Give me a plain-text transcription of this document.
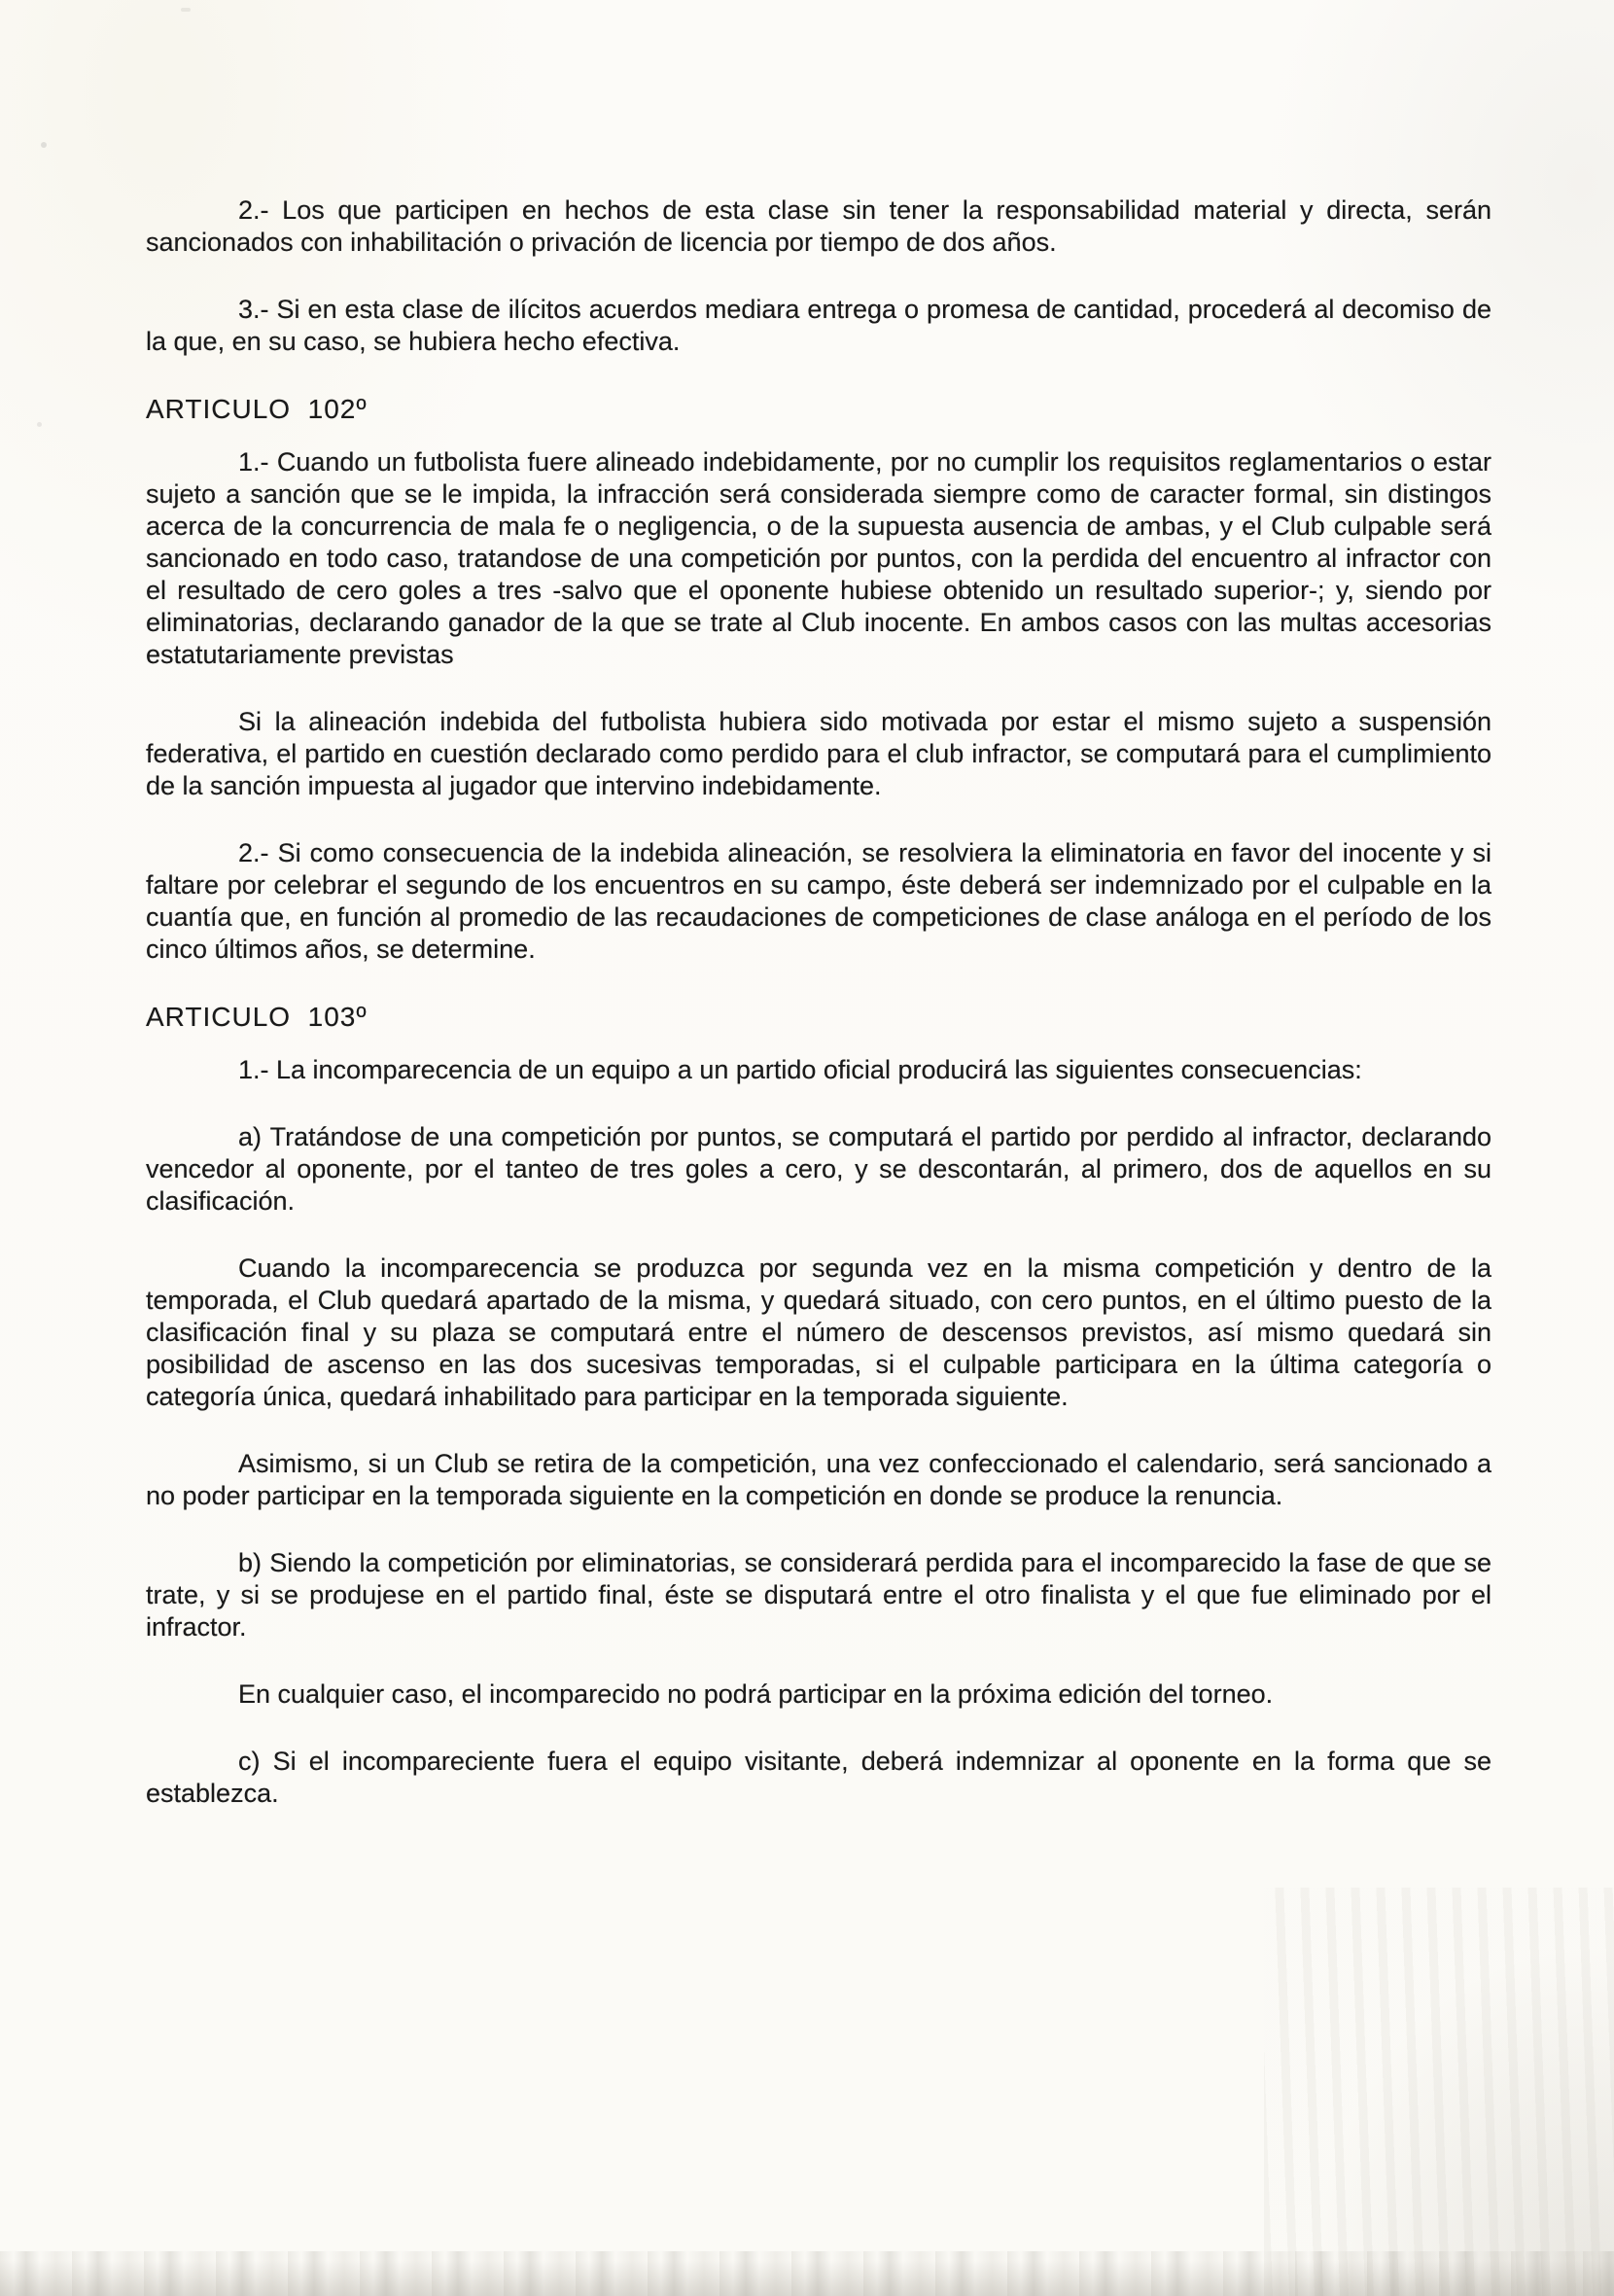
2.- Los que participen en hechos de esta clase sin tener la responsabilidad material y directa, serán sancionados con inhabilitación o privación de licencia por tiempo de dos años.

3.- Si en esta clase de ilícitos acuerdos mediara entrega o promesa de cantidad, procederá al decomiso de la que, en su caso, se hubiera hecho efectiva.

ARTICULO  102º

1.- Cuando un futbolista fuere alineado indebidamente, por no cumplir los requisitos reglamentarios o estar sujeto a sanción que se le impida, la infracción será considerada siempre como de caracter formal, sin distingos acerca de la concurrencia de mala fe o negligencia, o de la supuesta ausencia de ambas, y el Club culpable será sancionado en todo caso, tratandose de una competición por puntos, con la perdida del encuentro al infractor con el resultado de cero goles a tres -salvo que el oponente hubiese obtenido un resultado superior-; y, siendo por eliminatorias, declarando ganador de la que se trate al Club inocente. En ambos casos con las multas accesorias estatutariamente previstas

Si la alineación indebida del futbolista hubiera sido motivada por estar el mismo sujeto a suspensión federativa, el partido en cuestión declarado como perdido para el club infractor, se computará para el cumplimiento de la sanción impuesta al jugador que intervino indebidamente.

2.- Si como consecuencia de la indebida alineación, se resolviera la eliminatoria en favor del inocente y si faltare por celebrar el segundo de los encuentros en su campo, éste deberá ser indemnizado por el culpable en la cuantía que, en función al promedio de las recaudaciones de competiciones de clase análoga en el período de los cinco últimos años, se determine.

ARTICULO  103º

1.- La incomparecencia de un equipo a un partido oficial producirá las siguientes consecuencias:

a) Tratándose de una competición por puntos, se computará el partido por perdido al infractor, declarando vencedor al oponente, por el tanteo de tres goles a cero, y se descontarán, al primero, dos de aquellos en su clasificación.

Cuando la incomparecencia se produzca por segunda vez en la misma competición y dentro de la temporada, el Club quedará apartado de la misma, y quedará situado, con cero puntos, en el último puesto de la clasificación final y su plaza se computará entre el número de descensos previstos, así mismo quedará sin posibilidad de ascenso en las dos sucesivas temporadas, si el culpable participara en la última categoría o categoría única, quedará inhabilitado para participar en la temporada siguiente.

Asimismo, si un Club se retira de la competición, una vez confeccionado el calendario, será sancionado a no poder participar en la temporada siguiente en la competición en donde se produce la renuncia.

b) Siendo la competición por eliminatorias, se considerará perdida para el incomparecido la fase de que se trate, y si se produjese en el partido final, éste se disputará entre el otro finalista y el que fue eliminado por el infractor.

En cualquier caso, el incomparecido no podrá participar en la próxima edición del torneo.

c) Si el incompareciente fuera el equipo visitante, deberá indemnizar al oponente en la forma que se establezca.
